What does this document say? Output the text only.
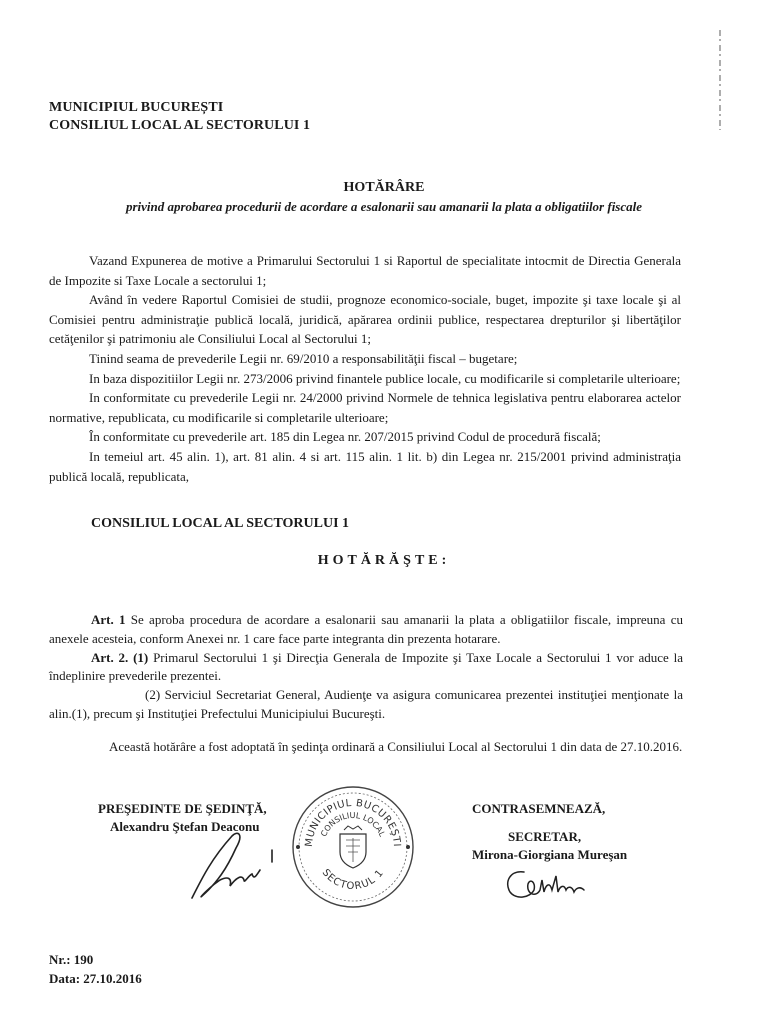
MUNICIPIUL BUCUREȘTI
CONSILIUL LOCAL AL SECTORULUI 1
HOTĂRÂRE
privind aprobarea procedurii de acordare a esalonarii sau amanarii la plata a obligatiilor fiscale

Vazand Expunerea de motive a Primarului Sectorului 1 si Raportul de specialitate intocmit de Directia Generala de Impozite si Taxe Locale a sectorului 1;

Având în vedere Raportul Comisiei de studii, prognoze economico-sociale, buget, impozite şi taxe locale şi al Comisiei pentru administraţie publică locală, juridică, apărarea ordinii publice, respectarea drepturilor şi libertăţilor cetăţenilor şi patrimoniu ale Consiliului Local al Sectorului 1;

Tinind seama de prevederile Legii nr. 69/2010 a responsabilităţii fiscal – bugetare;

In baza dispozitiilor Legii nr. 273/2006 privind finantele publice locale, cu modificarile si completarile ulterioare;

In conformitate cu prevederile Legii nr. 24/2000 privind Normele de tehnica legislativa pentru elaborarea actelor normative, republicata, cu modificarile si completarile ulterioare;

În conformitate cu prevederile art. 185 din Legea nr. 207/2015 privind Codul de procedură fiscală;

In temeiul art. 45 alin. 1), art. 81 alin. 4 si art. 115 alin. 1 lit. b) din Legea nr. 215/2001 privind administraţia publică locală, republicata,

CONSILIUL LOCAL AL SECTORULUI 1
HOTĂRĂŞTE:

Art. 1 Se aproba procedura de acordare a esalonarii sau amanarii la plata a obligatiilor fiscale, impreuna cu anexele acesteia, conform Anexei nr. 1 care face parte integranta din prezenta hotarare.

Art. 2. (1) Primarul Sectorului 1 şi Direcţia Generala de Impozite şi Taxe Locale a Sectorului 1 vor aduce la îndeplinire prevederile prezentei.

(2) Serviciul Secretariat General, Audienţe va asigura comunicarea prezentei instituţiei menţionate la alin.(1), precum şi Instituţiei Prefectului Municipiului Bucureşti.

Această hotărâre a fost adoptată în şedinţa ordinară a Consiliului Local al Sectorului 1 din data de 27.10.2016.
PREŞEDINTE DE ŞEDINŢĂ,
Alexandru Ştefan Deaconu
MUNICIPIUL BUCUREŞTI
CONSILIUL LOCAL
SECTORUL 1
CONTRASEMNEAZĂ,
SECRETAR,
Mirona-Giorgiana Mureşan
Nr.: 190
Data: 27.10.2016
